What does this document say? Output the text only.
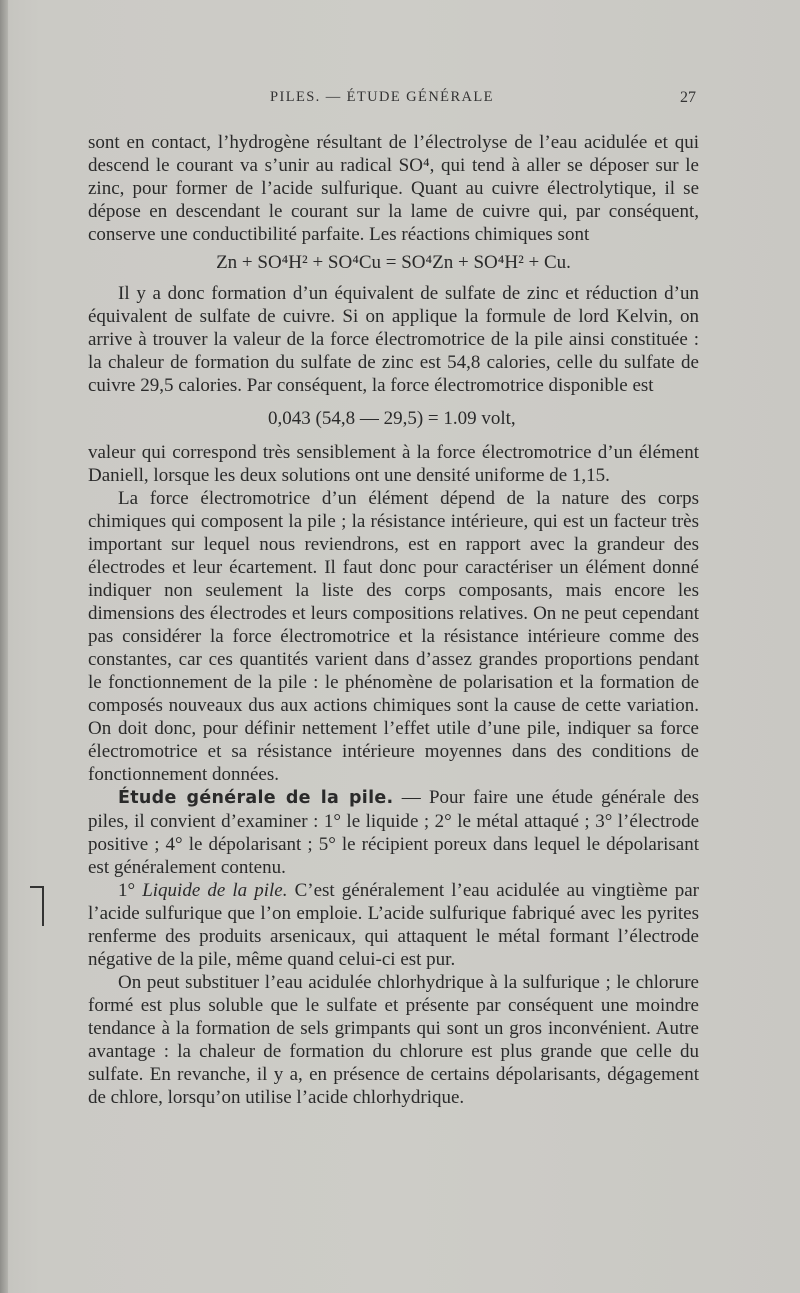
PILES. — ÉTUDE GÉNÉRALE	27

sont en contact, l’hydrogène résultant de l’électrolyse de l’eau acidulée et qui descend le courant va s’unir au radical SO⁴, qui tend à aller se déposer sur le zinc, pour former de l’acide sulfurique. Quant au cuivre électrolytique, il se dépose en descendant le courant sur la lame de cuivre qui, par conséquent, conserve une conductibilité parfaite. Les réactions chimiques sont

Zn + SO⁴H² + SO⁴Cu = SO⁴Zn + SO⁴H² + Cu.

Il y a donc formation d’un équivalent de sulfate de zinc et réduction d’un équivalent de sulfate de cuivre. Si on applique la formule de lord Kelvin, on arrive à trouver la valeur de la force électromotrice de la pile ainsi constituée : la chaleur de formation du sulfate de zinc est 54,8 calories, celle du sulfate de cuivre 29,5 calories. Par conséquent, la force électromotrice disponible est

0,043 (54,8 — 29,5) = 1.09 volt,

valeur qui correspond très sensiblement à la force électromotrice d’un élément Daniell, lorsque les deux solutions ont une densité uniforme de 1,15.

La force électromotrice d’un élément dépend de la nature des corps chimiques qui composent la pile ; la résistance intérieure, qui est un facteur très important sur lequel nous reviendrons, est en rapport avec la grandeur des électrodes et leur écartement. Il faut donc pour caractériser un élément donné indiquer non seulement la liste des corps composants, mais encore les dimensions des électrodes et leurs compositions relatives. On ne peut cependant pas considérer la force électromotrice et la résistance intérieure comme des constantes, car ces quantités varient dans d’assez grandes proportions pendant le fonctionnement de la pile : le phénomène de polarisation et la formation de composés nouveaux dus aux actions chimiques sont la cause de cette variation. On doit donc, pour définir nettement l’effet utile d’une pile, indiquer sa force électromotrice et sa résistance intérieure moyennes dans des conditions de fonctionnement données.

Étude générale de la pile. — Pour faire une étude générale des piles, il convient d’examiner : 1° le liquide ; 2° le métal attaqué ; 3° l’électrode positive ; 4° le dépolarisant ; 5° le récipient poreux dans lequel le dépolarisant est généralement contenu.

1° Liquide de la pile. C’est généralement l’eau acidulée au vingtième par l’acide sulfurique que l’on emploie. L’acide sulfurique fabriqué avec les pyrites renferme des produits arsenicaux, qui attaquent le métal formant l’électrode négative de la pile, même quand celui-ci est pur.

On peut substituer l’eau acidulée chlorhydrique à la sulfurique ; le chlorure formé est plus soluble que le sulfate et présente par conséquent une moindre tendance à la formation de sels grimpants qui sont un gros inconvénient. Autre avantage : la chaleur de formation du chlorure est plus grande que celle du sulfate. En revanche, il y a, en présence de certains dépolarisants, dégagement de chlore, lorsqu’on utilise l’acide chlorhydrique.
